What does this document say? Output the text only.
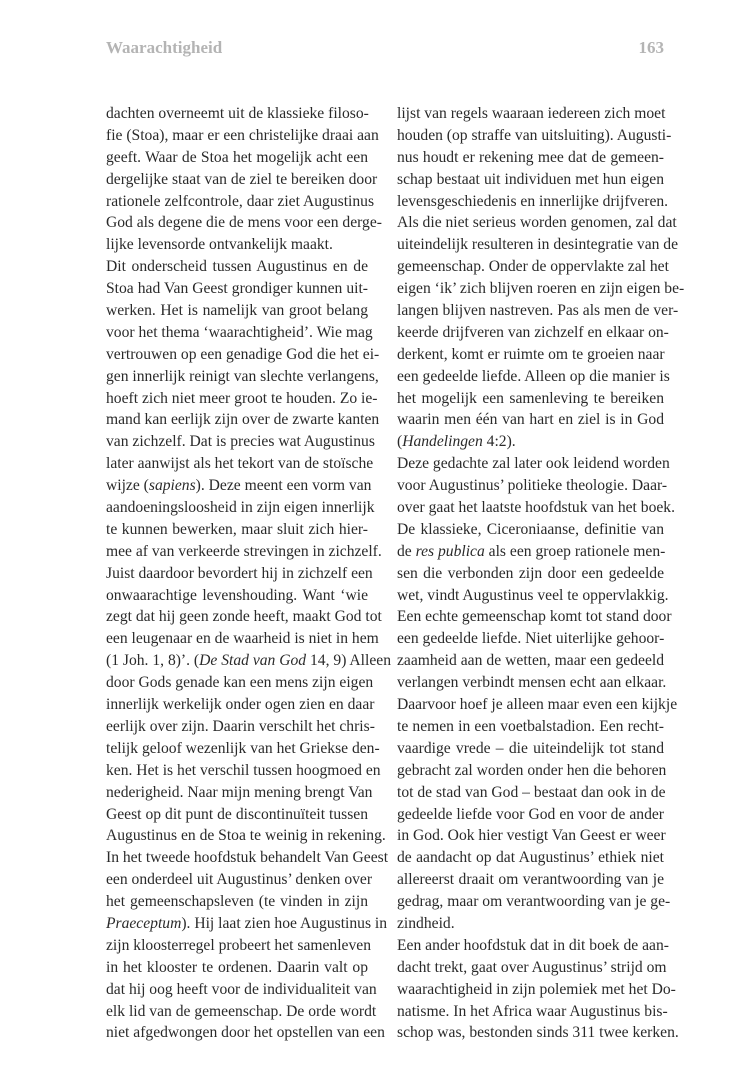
Waarachtigheid	163
dachten overneemt uit de klassieke filoso-
fie (Stoa), maar er een christelijke draai aan
geeft. Waar de Stoa het mogelijk acht een
dergelijke staat van de ziel te bereiken door
rationele zelfcontrole, daar ziet Augustinus
God als degene die de mens voor een derge-
lijke levensorde ontvankelijk maakt.
Dit onderscheid tussen Augustinus en de
Stoa had Van Geest grondiger kunnen uit-
werken. Het is namelijk van groot belang
voor het thema ‘waarachtigheid’. Wie mag
vertrouwen op een genadige God die het ei-
gen innerlijk reinigt van slechte verlangens,
hoeft zich niet meer groot te houden. Zo ie-
mand kan eerlijk zijn over de zwarte kanten
van zichzelf. Dat is precies wat Augustinus
later aanwijst als het tekort van de stoïsche
wijze (sapiens). Deze meent een vorm van
aandoeningsloosheid in zijn eigen innerlijk
te kunnen bewerken, maar sluit zich hier-
mee af van verkeerde strevingen in zichzelf.
Juist daardoor bevordert hij in zichzelf een
onwaarachtige levenshouding. Want ‘wie
zegt dat hij geen zonde heeft, maakt God tot
een leugenaar en de waarheid is niet in hem
(1 Joh. 1, 8)’. (De Stad van God 14, 9) Alleen
door Gods genade kan een mens zijn eigen
innerlijk werkelijk onder ogen zien en daar
eerlijk over zijn. Daarin verschilt het chris-
telijk geloof wezenlijk van het Griekse den-
ken. Het is het verschil tussen hoogmoed en
nederigheid. Naar mijn mening brengt Van
Geest op dit punt de discontinuïteit tussen
Augustinus en de Stoa te weinig in rekening.
In het tweede hoofdstuk behandelt Van Geest
een onderdeel uit Augustinus’ denken over
het gemeenschapsleven (te vinden in zijn
Praeceptum). Hij laat zien hoe Augustinus in
zijn kloosterregel probeert het samenleven
in het klooster te ordenen. Daarin valt op
dat hij oog heeft voor de individualiteit van
elk lid van de gemeenschap. De orde wordt
niet afgedwongen door het opstellen van een
lijst van regels waaraan iedereen zich moet
houden (op straffe van uitsluiting). Augusti-
nus houdt er rekening mee dat de gemeen-
schap bestaat uit individuen met hun eigen
levensgeschiedenis en innerlijke drijfveren.
Als die niet serieus worden genomen, zal dat
uiteindelijk resulteren in desintegratie van de
gemeenschap. Onder de oppervlakte zal het
eigen ‘ik’ zich blijven roeren en zijn eigen be-
langen blijven nastreven. Pas als men de ver-
keerde drijfveren van zichzelf en elkaar on-
derkent, komt er ruimte om te groeien naar
een gedeelde liefde. Alleen op die manier is
het mogelijk een samenleving te bereiken
waarin men één van hart en ziel is in God
(Handelingen 4:2).
Deze gedachte zal later ook leidend worden
voor Augustinus’ politieke theologie. Daar-
over gaat het laatste hoofdstuk van het boek.
De klassieke, Ciceroniaanse, definitie van
de res publica als een groep rationele men-
sen die verbonden zijn door een gedeelde
wet, vindt Augustinus veel te oppervlakkig.
Een echte gemeenschap komt tot stand door
een gedeelde liefde. Niet uiterlijke gehoor-
zaamheid aan de wetten, maar een gedeeld
verlangen verbindt mensen echt aan elkaar.
Daarvoor hoef je alleen maar even een kijkje
te nemen in een voetbalstadion. Een recht-
vaardige vrede – die uiteindelijk tot stand
gebracht zal worden onder hen die behoren
tot de stad van God – bestaat dan ook in de
gedeelde liefde voor God en voor de ander
in God. Ook hier vestigt Van Geest er weer
de aandacht op dat Augustinus’ ethiek niet
allereerst draait om verantwoording van je
gedrag, maar om verantwoording van je ge-
zindheid.
Een ander hoofdstuk dat in dit boek de aan-
dacht trekt, gaat over Augustinus’ strijd om
waarachtigheid in zijn polemiek met het Do-
natisme. In het Africa waar Augustinus bis-
schop was, bestonden sinds 311 twee kerken.
